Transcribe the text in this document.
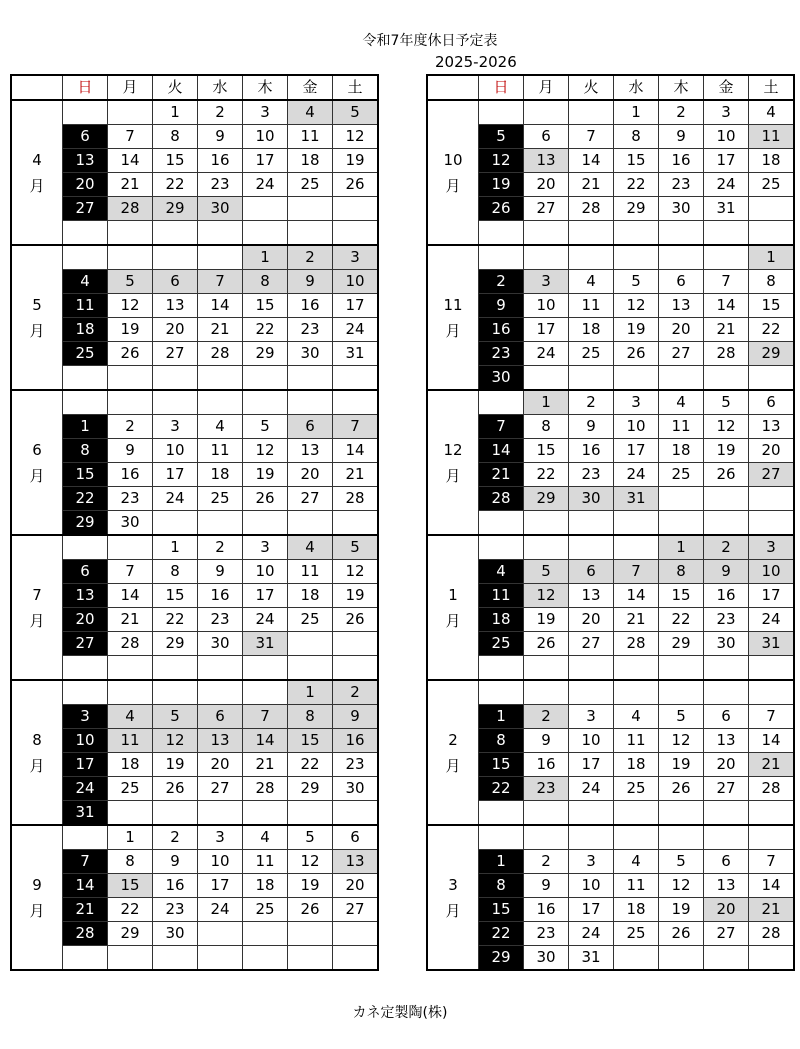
令和7年度休日予定表
2025-2026
	日	月	火	水	木	金	土

4
月			1	2	3	4	5
	6	7	8	9	10	11	12
	13	14	15	16	17	18	19
	20	21	22	23	24	25	26
	27	28	29	30			

5
月					1	2	3
	4	5	6	7	8	9	10
	11	12	13	14	15	16	17
	18	19	20	21	22	23	24
	25	26	27	28	29	30	31

6
月							

	1	2	3	4	5	6	7
	8	9	10	11	12	13	14
	15	16	17	18	19	20	21
	22	23	24	25	26	27	28
	29	30					

7
月			1	2	3	4	5
	6	7	8	9	10	11	12
	13	14	15	16	17	18	19
	20	21	22	23	24	25	26
	27	28	29	30	31		

8
月						1	2
	3	4	5	6	7	8	9
	10	11	12	13	14	15	16
	17	18	19	20	21	22	23
	24	25	26	27	28	29	30
	31						

9
月		1	2	3	4	5	6
	7	8	9	10	11	12	13
	14	15	16	17	18	19	20
	21	22	23	24	25	26	27
	28	29	30				

	日	月	火	水	木	金	土

10
月				1	2	3	4
	5	6	7	8	9	10	11
	12	13	14	15	16	17	18
	19	20	21	22	23	24	25
	26	27	28	29	30	31	

11
月							1
	2	3	4	5	6	7	8
	9	10	11	12	13	14	15
	16	17	18	19	20	21	22
	23	24	25	26	27	28	29
	30						

12
月		1	2	3	4	5	6
	7	8	9	10	11	12	13
	14	15	16	17	18	19	20
	21	22	23	24	25	26	27
	28	29	30	31			

1
月					1	2	3
	4	5	6	7	8	9	10
	11	12	13	14	15	16	17
	18	19	20	21	22	23	24
	25	26	27	28	29	30	31

2
月							

	1	2	3	4	5	6	7
	8	9	10	11	12	13	14
	15	16	17	18	19	20	21
	22	23	24	25	26	27	28

3
月							

	1	2	3	4	5	6	7
	8	9	10	11	12	13	14
	15	16	17	18	19	20	21
	22	23	24	25	26	27	28
	29	30	31				
カネ定製陶(株)
